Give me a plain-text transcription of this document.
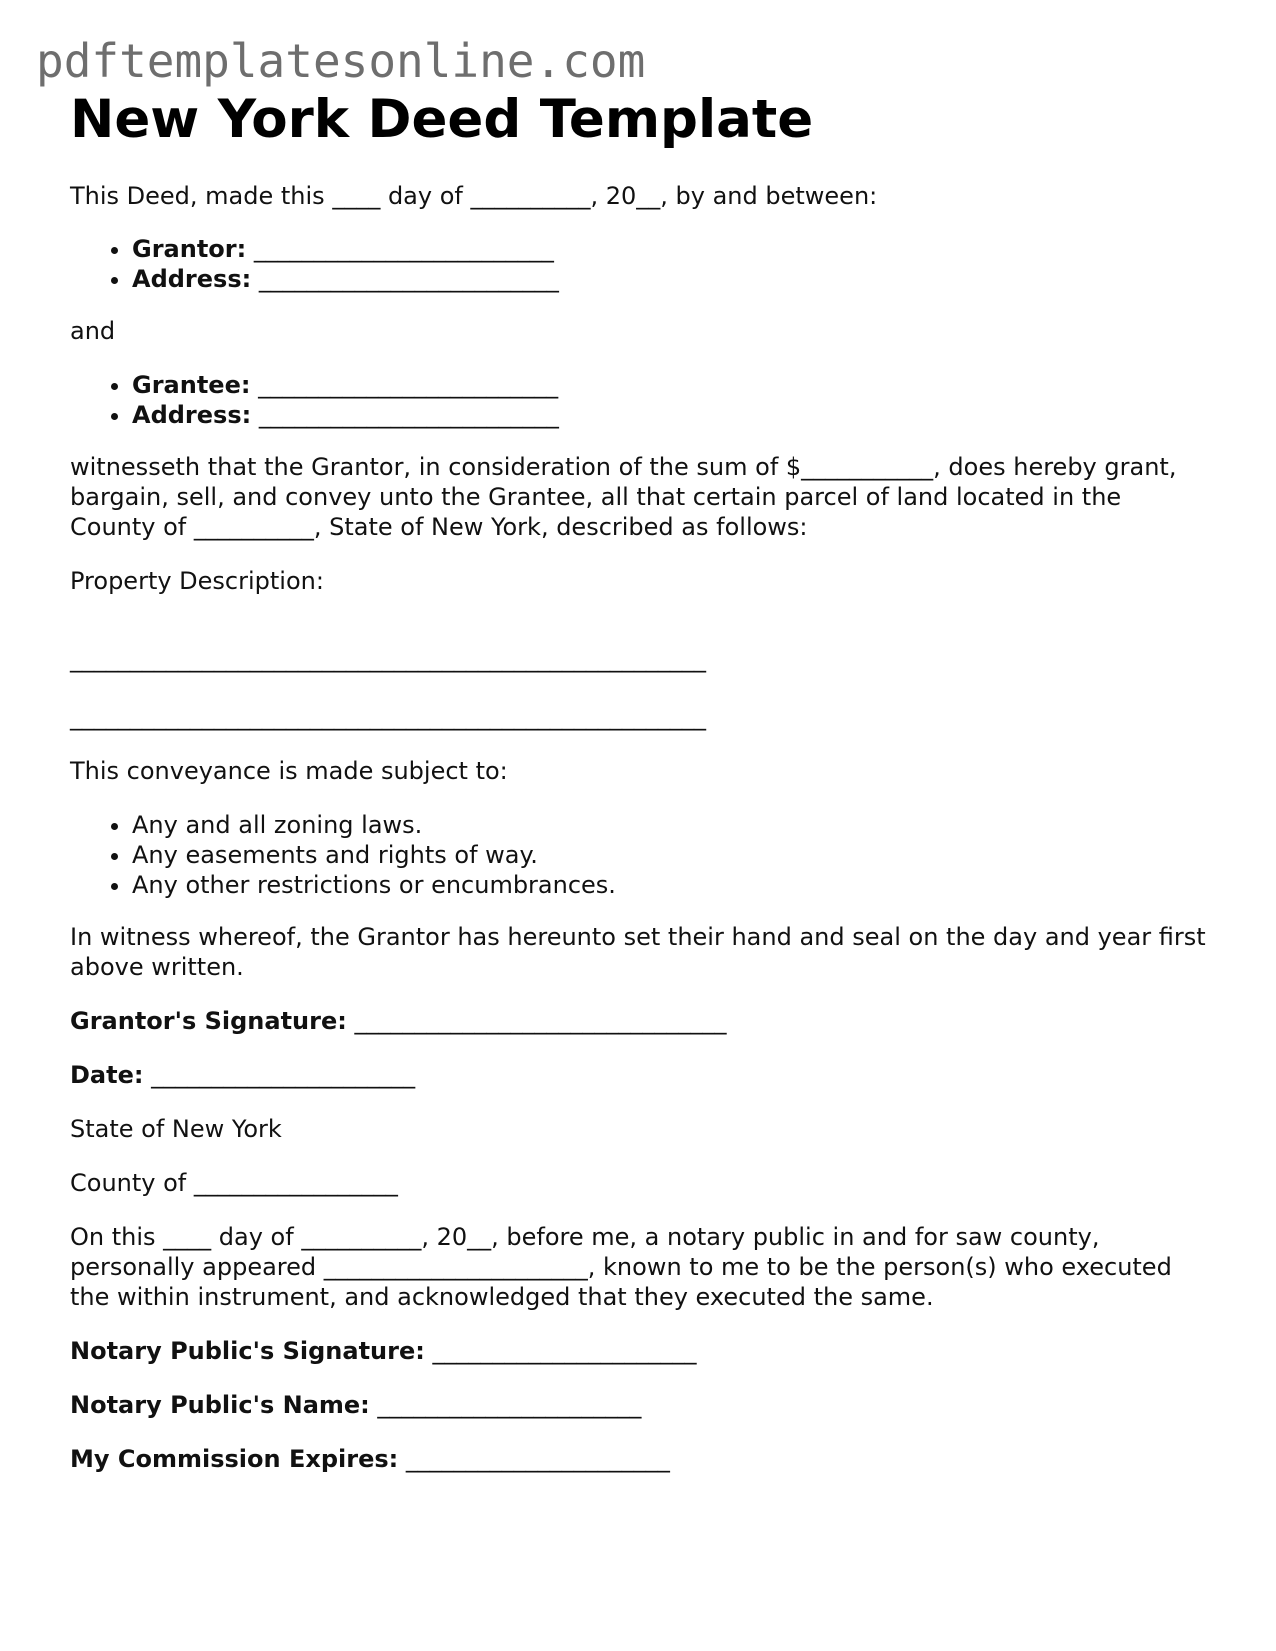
pdftemplatesonline.com
New York Deed Template

This Deed, made this ____ day of __________, 20__, by and between:

• Grantor: _________________________
• Address: _________________________

and

• Grantee: _________________________
• Address: _________________________

witnesseth that the Grantor, in consideration of the sum of $___________, does hereby grant, bargain, sell, and convey unto the Grantee, all that certain parcel of land located in the County of __________, State of New York, described as follows:

Property Description:

_____________________________________________________

_____________________________________________________

This conveyance is made subject to:

• Any and all zoning laws.
• Any easements and rights of way.
• Any other restrictions or encumbrances.

In witness whereof, the Grantor has hereunto set their hand and seal on the day and year first above written.

Grantor's Signature: _______________________________

Date: ______________________

State of New York

County of _________________

On this ____ day of __________, 20__, before me, a notary public in and for saw county, personally appeared ______________________, known to me to be the person(s) who executed the within instrument, and acknowledged that they executed the same.

Notary Public's Signature: ______________________

Notary Public's Name: ______________________

My Commission Expires: ______________________
